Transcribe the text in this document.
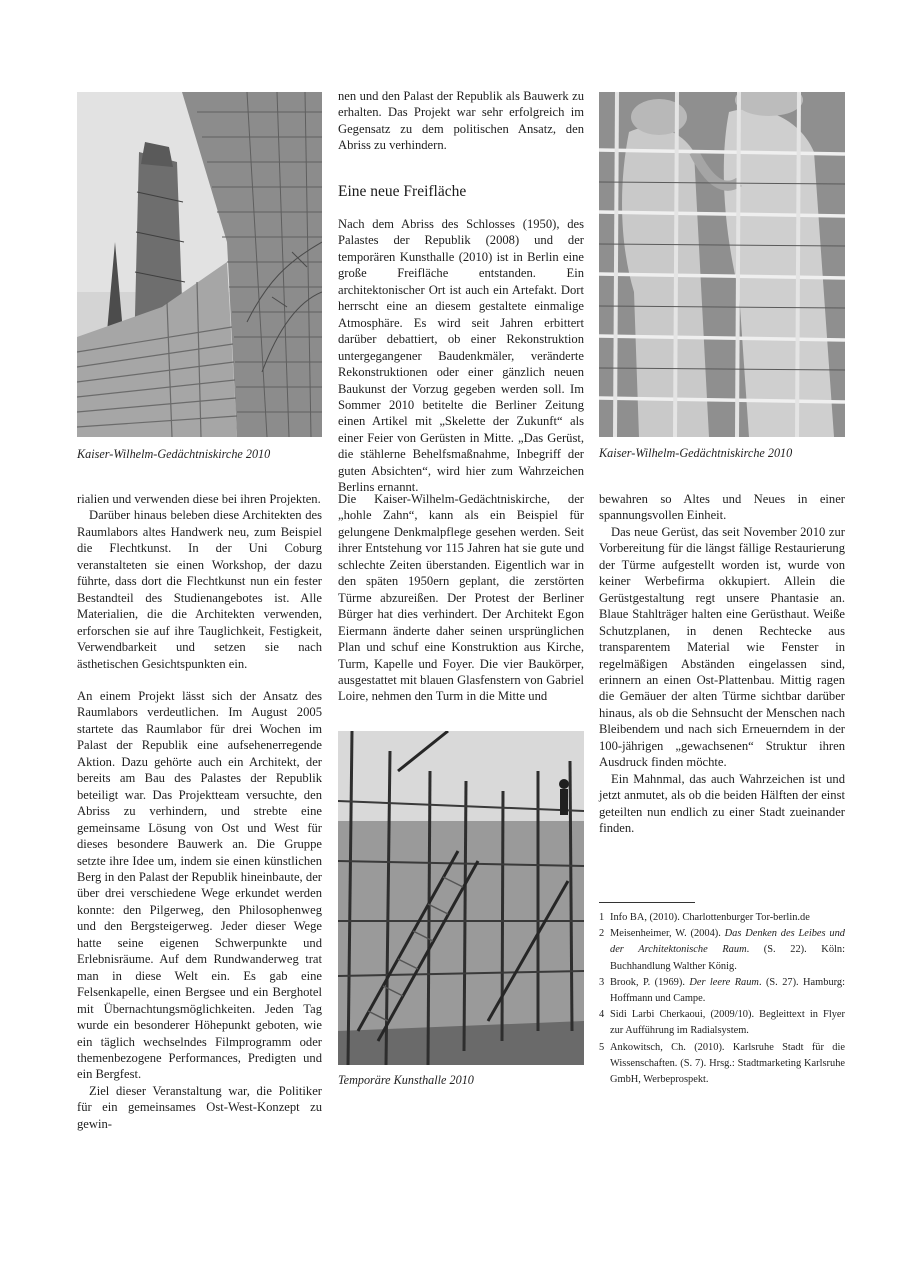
Kaiser-Wilhelm-Gedächtniskirche 2010	Kaiser-Wilhelm-Gedächtniskirche 2010
Temporäre Kunsthalle 2010

nen und den Palast der Republik als Bauwerk zu erhalten. Das Projekt war sehr erfolgreich im Gegensatz zu dem politischen Ansatz, den Abriss zu verhindern.

Eine neue Freifläche

Nach dem Abriss des Schlosses (1950), des Palastes der Republik (2008) und der temporären Kunsthalle (2010) ist in Berlin eine große Freifläche entstanden. Ein architektonischer Ort ist auch ein Artefakt. Dort herrscht eine an diesem gestaltete einmalige Atmosphäre. Es wird seit Jahren erbittert darüber debattiert, ob einer Rekonstruktion untergegangener Baudenkmäler, veränderte Rekonstruktionen oder einer gänzlich neuen Baukunst der Vorzug gegeben werden soll. Im Sommer 2010 betitelte die Berliner Zeitung einen Artikel mit „Skelette der Zukunft“ als einer Feier von Gerüsten in Mitte. „Das Gerüst, die stählerne Behelfsmaßnahme, Inbegriff der guten Absichten“, wird hier zum Wahrzeichen Berlins ernannt.

Die Kaiser-Wilhelm-Gedächtniskirche, der „hohle Zahn“, kann als ein Beispiel für gelungene Denkmalpflege gesehen werden. Seit ihrer Entstehung vor 115 Jahren hat sie gute und schlechte Zeiten überstanden. Eigentlich war in den späten 1950ern geplant, die zerstörten Türme abzureißen. Der Protest der Berliner Bürger hat dies verhindert. Der Architekt Egon Eiermann änderte daher seinen ursprünglichen Plan und schuf eine Konstruktion aus Kirche, Turm, Kapelle und Foyer. Die vier Baukörper, ausgestattet mit blauen Glasfenstern von Gabriel Loire, nehmen den Turm in die Mitte und

rialien und verwenden diese bei ihren Projekten.

Darüber hinaus beleben diese Architekten des Raumlabors altes Handwerk neu, zum Beispiel die Flechtkunst. In der Uni Coburg veranstalteten sie einen Workshop, der dazu führte, dass dort die Flechtkunst nun ein fester Bestandteil des Studienangebotes ist. Alle Materialien, die die Architekten verwenden, erforschen sie auf ihre Tauglichkeit, Festigkeit, Verwendbarkeit und setzen sie nach ästhetischen Gesichtspunkten ein.

An einem Projekt lässt sich der Ansatz des Raumlabors verdeutlichen. Im August 2005 startete das Raumlabor für drei Wochen im Palast der Republik eine aufsehenerregende Aktion. Dazu gehörte auch ein Architekt, der bereits am Bau des Palastes der Republik beteiligt war. Das Projektteam versuchte, den Abriss zu verhindern, und strebte eine gemeinsame Lösung von Ost und West für dieses besondere Bauwerk an. Die Gruppe setzte ihre Idee um, indem sie einen künstlichen Berg in den Palast der Republik hineinbaute, der über drei verschiedene Wege erkundet werden konnte: den Pilgerweg, den Philosophenweg und den Bergsteigerweg. Jeder dieser Wege hatte seine eigenen Schwerpunkte und Erlebnisräume. Auf dem Rundwanderweg trat man in diese Welt ein. Es gab eine Felsenkapelle, einen Bergsee und ein Berghotel mit Übernachtungsmöglichkeiten. Jeden Tag wurde ein besonderer Höhepunkt geboten, wie ein täglich wechselndes Filmprogramm oder themenbezogene Performances, Predigten und ein Bergfest.

Ziel dieser Veranstaltung war, die Politiker für ein gemeinsames Ost-West-Konzept zu gewin-

bewahren so Altes und Neues in einer spannungsvollen Einheit.

Das neue Gerüst, das seit November 2010 zur Vorbereitung für die längst fällige Restaurierung der Türme aufgestellt worden ist, wurde von keiner Werbefirma okkupiert. Allein die Gerüstgestaltung regt unsere Phantasie an. Blaue Stahlträger halten eine Gerüsthaut. Weiße Schutzplanen, in denen Rechtecke aus transparentem Material wie Fenster in regelmäßigen Abständen eingelassen sind, erinnern an einen Ost-Plattenbau. Mittig ragen die Gemäuer der alten Türme sichtbar darüber hinaus, als ob die Sehnsucht der Menschen nach Bleibendem und nach sich Erneuerndem in der 100-jährigen „gewachsenen“ Struktur ihren Ausdruck finden möchte.

Ein Mahnmal, das auch Wahrzeichen ist und jetzt anmutet, als ob die beiden Hälften der einst geteilten nun endlich zu einer Stadt zueinander finden.

1 Info BA, (2010). Charlottenburger Tor-berlin.de
2 Meisenheimer, W. (2004). Das Denken des Leibes und der Architektonische Raum. (S. 22). Köln: Buchhandlung Walther König.
3 Brook, P. (1969). Der leere Raum. (S. 27). Hamburg: Hoffmann und Campe.
4 Sidi Larbi Cherkaoui, (2009/10). Begleittext in Flyer zur Aufführung im Radialsystem.
5 Ankowitsch, Ch. (2010). Karlsruhe Stadt für die Wissenschaften. (S. 7). Hrsg.: Stadtmarketing Karlsruhe GmbH, Werbeprospekt.
